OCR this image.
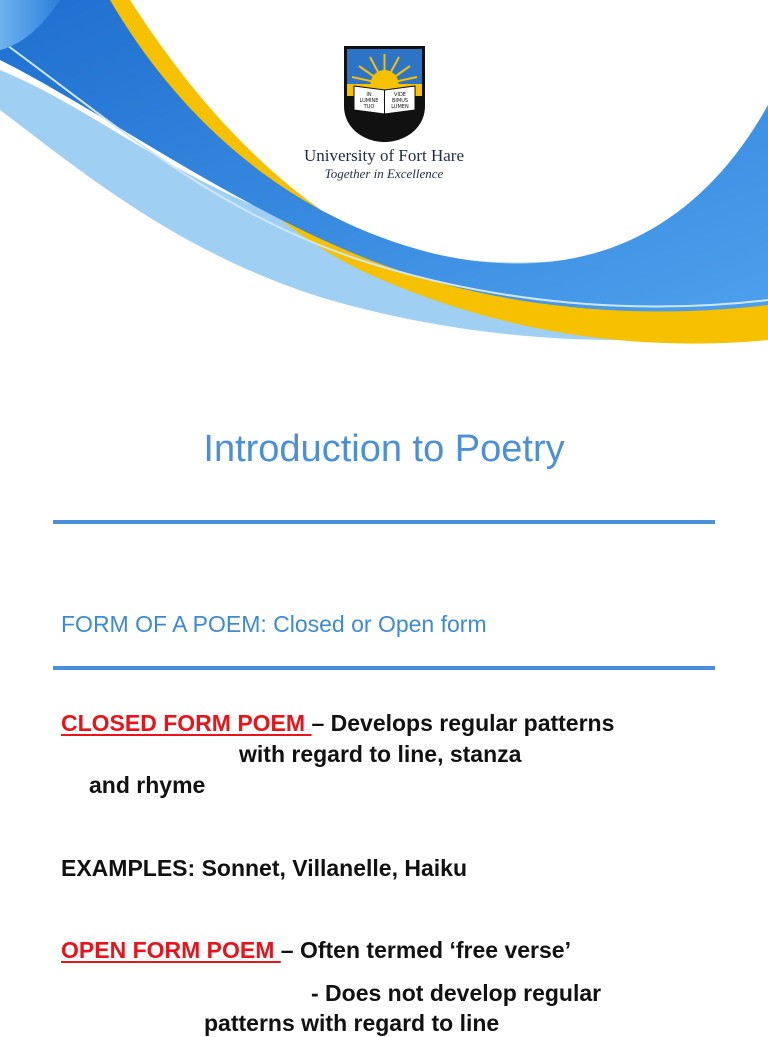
IN
LUMINE
TUO
VIDE
BIMUS
LUMEN
University of Fort Hare
Together in Excellence
Introduction to Poetry
FORM OF A POEM: Closed or Open form
CLOSED FORM POEM – Develops regular patterns
with regard to line, stanza
and rhyme
EXAMPLES: Sonnet, Villanelle, Haiku
OPEN FORM POEM – Often termed ‘free verse’
- Does not develop regular
patterns with regard to line
